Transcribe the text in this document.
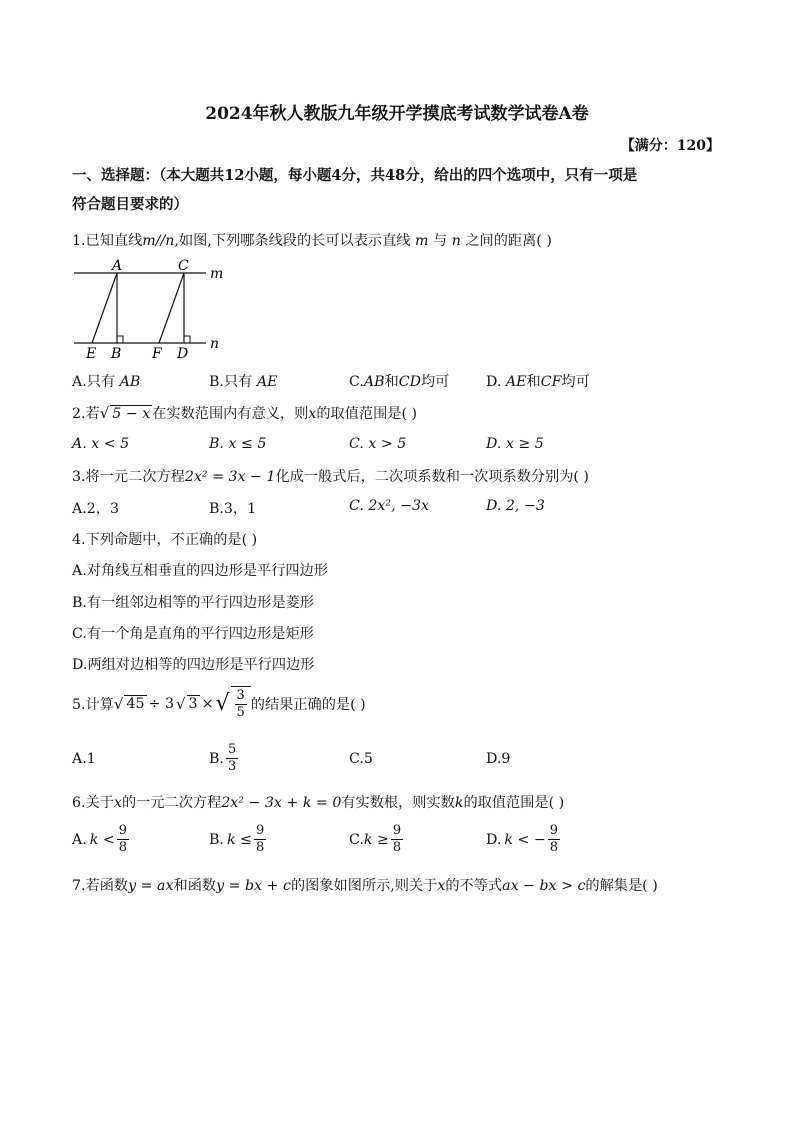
2024年秋人教版九年级开学摸底考试数学试卷A卷
【满分：120】
一、选择题：（本大题共12小题，每小题4分，共48分，给出的四个选项中，只有一项是
符合题目要求的）
1.已知直线m//n,如图,下列哪条线段的长可以表示直线 m 与 n 之间的距离( )
A	C m
n
E B F D
A.只有 AB	B.只有 AE	C.AB和CD均可	D. AE和CF均可
2.若√ 5 − x 在实数范围内有意义，则x的取值范围是( )
A. x < 5	B. x ≤ 5	C. x > 5	D. x ≥ 5
3.将一元二次方程2x² = 3x − 1化成一般式后，二次项系数和一次项系数分别为( )
A.2，3	B.3，1	C. 2x², −3x	D. 2, −3
4.下列命题中，不正确的是( )
A.对角线互相垂直的四边形是平行四边形
B.有一组邻边相等的平行四边形是菱形
C.有一个角是直角的平行四边形是矩形
D.两组对边相等的四边形是平行四边形
5.计算 √ 45 ÷ 3 √ 3 × √ $\frac{3}{5}$ 的结果正确的是( )
A.1	B. $\frac{5}{3}$	C.5	D.9
6.关于x的一元二次方程2x² − 3x + k = 0有实数根，则实数k的取值范围是( )
A. $k < \frac{9}{8}$	B. $k \le \frac{9}{8}$	C. $k \ge \frac{9}{8}$	D. k < − $\frac{9}{8}$
7.若函数y = ax和函数y = bx + c的图象如图所示,则关于x的不等式ax − bx > c的解集是( )
